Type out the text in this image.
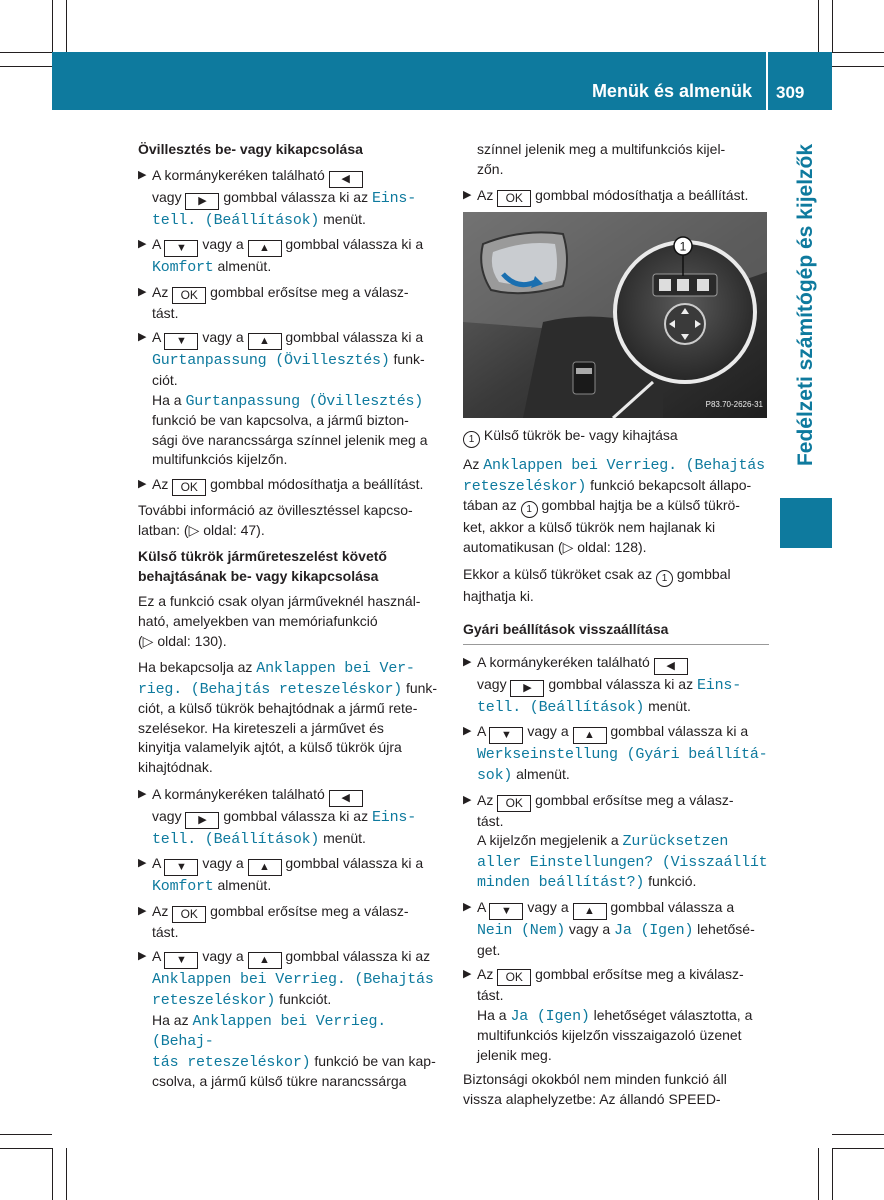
Menük és almenük 309
Fedélzeti számítógép és kijelzők
Övillesztés be- vagy kikapcsolása
▶ A kormánykeréken található ◀
vagy ▶ gombbal válassza ki az Eins-
tell. (Beállítások) menüt.
▶ A ▼ vagy a ▲ gombbal válassza ki a
Komfort almenüt.
▶ Az OK gombbal erősítse meg a válasz-
tást.
▶ A ▼ vagy a ▲ gombbal válassza ki a
Gurtanpassung (Övillesztés) funk-
ciót.
Ha a Gurtanpassung (Övillesztés)
funkció be van kapcsolva, a jármű bizton-
sági öve narancssárga színnel jelenik meg a
multifunkciós kijelzőn.
▶ Az OK gombbal módosíthatja a beállítást.

További információ az övillesztéssel kapcso-
latban: (▷ oldal: 47).

Külső tükrök járműreteszelést követő
behajtásának be- vagy kikapcsolása

Ez a funkció csak olyan járműveknél használ-
ható, amelyekben van memóriafunkció
(▷ oldal: 130).

Ha bekapcsolja az Anklappen bei Ver-
rieg. (Behajtás reteszeléskor) funk-
ciót, a külső tükrök behajtódnak a jármű rete-
szelésekor. Ha kireteszeli a járművet és
kinyitja valamelyik ajtót, a külső tükrök újra
kihajtódnak.

▶ A kormánykeréken található ◀
vagy ▶ gombbal válassza ki az Eins-
tell. (Beállítások) menüt.
▶ A ▼ vagy a ▲ gombbal válassza ki a
Komfort almenüt.
▶ Az OK gombbal erősítse meg a válasz-
tást.
▶ A ▼ vagy a ▲ gombbal válassza ki az
Anklappen bei Verrieg. (Behajtás
reteszeléskor) funkciót.
Ha az Anklappen bei Verrieg. (Behaj-
tás reteszeléskor) funkció be van kap-
csolva, a jármű külső tükre narancssárga

színnel jelenik meg a multifunkciós kijel-
zőn.

▶ Az OK gombbal módosíthatja a beállítást.
1
P83.70-2626-31

1 Külső tükrök be- vagy kihajtása

Az Anklappen bei Verrieg. (Behajtás
reteszeléskor) funkció bekapcsolt állapo-
tában az 1 gombbal hajtja be a külső tükrö-
ket, akkor a külső tükrök nem hajlanak ki
automatikusan (▷ oldal: 128).

Ekkor a külső tükröket csak az 1 gombbal
hajthatja ki.

Gyári beállítások visszaállítása
▶ A kormánykeréken található ◀
vagy ▶ gombbal válassza ki az Eins-
tell. (Beállítások) menüt.
▶ A ▼ vagy a ▲ gombbal válassza ki a
Werkseinstellung (Gyári beállítá-
sok) almenüt.
▶ Az OK gombbal erősítse meg a válasz-
tást.
A kijelzőn megjelenik a Zurücksetzen
aller Einstellungen? (Visszaállít
minden beállítást?) funkció.
▶ A ▼ vagy a ▲ gombbal válassza a
Nein (Nem) vagy a Ja (Igen) lehetősé-
get.
▶ Az OK gombbal erősítse meg a kiválasz-
tást.
Ha a Ja (Igen) lehetőséget választotta, a
multifunkciós kijelzőn visszaigazoló üzenet
jelenik meg.

Biztonsági okokból nem minden funkció áll
vissza alaphelyzetbe: Az állandó SPEED-
